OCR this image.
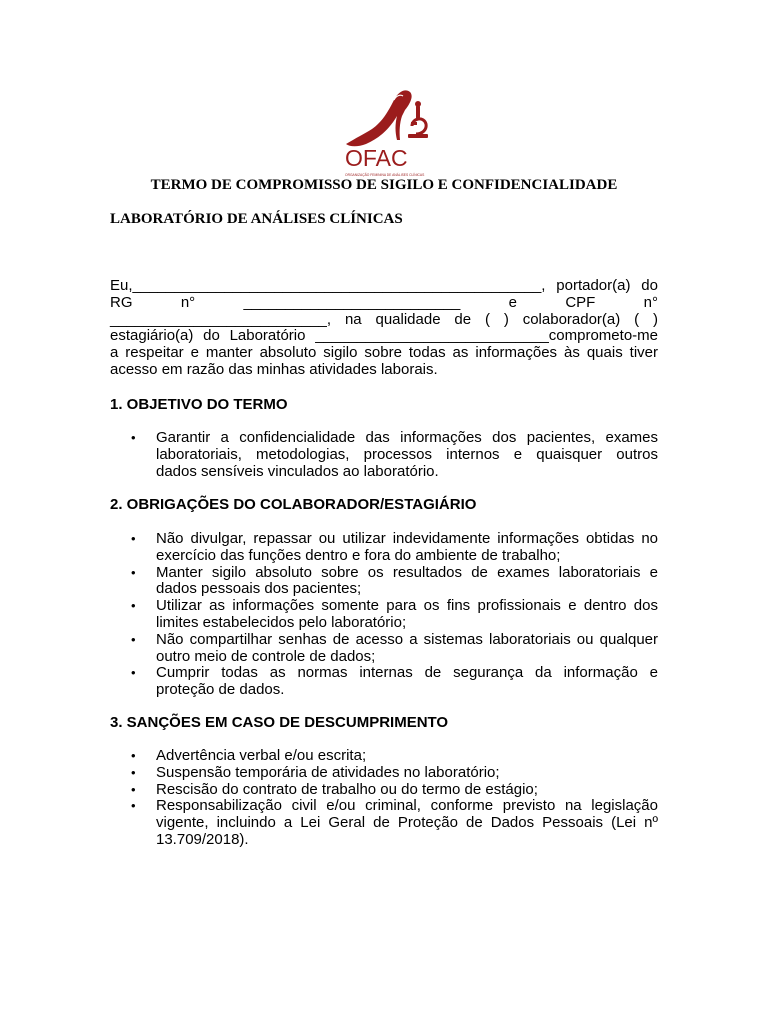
OFAC
ORGANIZAÇÃO FEMININA DE ANÁLISES CLÍNICAS
TERMO DE COMPROMISSO DE SIGILO E CONFIDENCIALIDADE
LABORATÓRIO DE ANÁLISES CLÍNICAS

Eu,_________________________________________________, portador(a) do
RG n° __________________________ e CPF n°
__________________________, na qualidade de ( ) colaborador(a) ( )
estagiário(a) do Laboratório ____________________________comprometo-me
a respeitar e manter absoluto sigilo sobre todas as informações às quais tiver
acesso em razão das minhas atividades laborais.

1. OBJETIVO DO TERMO
• Garantir a confidencialidade das informações dos pacientes, exames
laboratoriais, metodologias, processos internos e quaisquer outros
dados sensíveis vinculados ao laboratório.
2. OBRIGAÇÕES DO COLABORADOR/ESTAGIÁRIO
• Não divulgar, repassar ou utilizar indevidamente informações obtidas no
exercício das funções dentro e fora do ambiente de trabalho;
• Manter sigilo absoluto sobre os resultados de exames laboratoriais e
dados pessoais dos pacientes;
• Utilizar as informações somente para os fins profissionais e dentro dos
limites estabelecidos pelo laboratório;
• Não compartilhar senhas de acesso a sistemas laboratoriais ou qualquer
outro meio de controle de dados;
• Cumprir todas as normas internas de segurança da informação e
proteção de dados.
3. SANÇÕES EM CASO DE DESCUMPRIMENTO
• Advertência verbal e/ou escrita;
• Suspensão temporária de atividades no laboratório;
• Rescisão do contrato de trabalho ou do termo de estágio;
• Responsabilização civil e/ou criminal, conforme previsto na legislação
vigente, incluindo a Lei Geral de Proteção de Dados Pessoais (Lei nº
13.709/2018).
